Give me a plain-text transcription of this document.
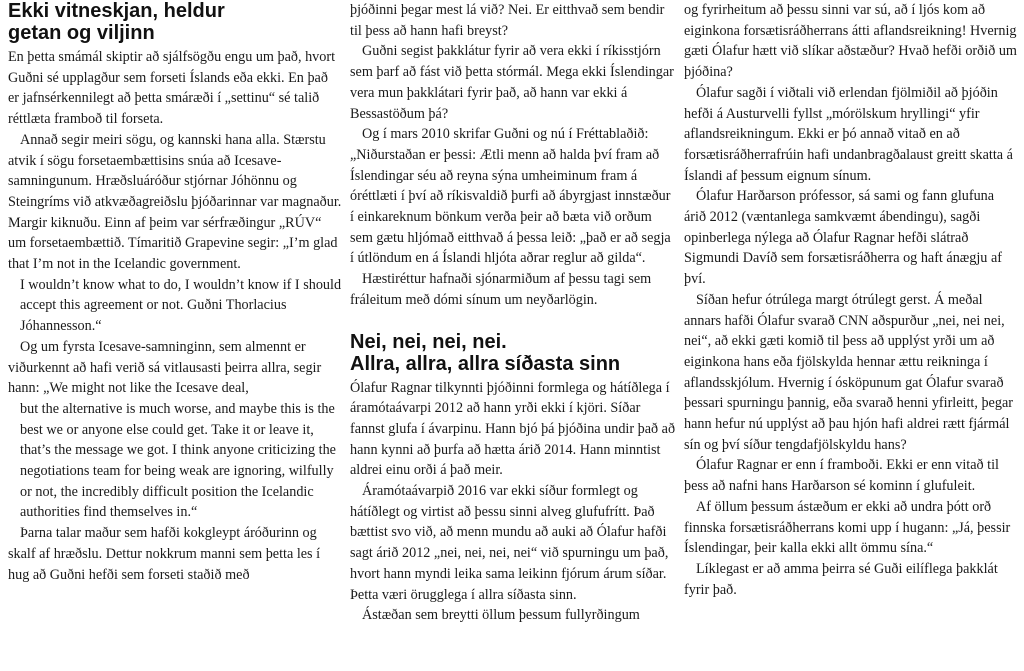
Ekki vitneskjan, heldur
getan og viljinn

En þetta smámál skiptir að sjálfsögðu engu um það, hvort Guðni sé upplagður sem forseti Íslands eða ekki. En það er jafnsérkennilegt að þetta smáræði í „settinu“ sé talið réttlæta framboð til forseta.

Annað segir meiri sögu, og kannski hana alla. Stærstu atvik í sögu forsetaembættisins snúa að Icesave-samningunum. Hræðsluáróður stjórnar Jóhönnu og Steingríms við atkvæðagreiðslu þjóðarinnar var magnaður. Margir kiknuðu. Einn af þeim var sérfræðingur „RÚV“ um forsetaembættið. Tímaritið Grapevine segir: „I’m glad that I’m not in the Icelandic government.

I wouldn’t know what to do, I wouldn’t know if I should accept this agreement or not. Guðni Thorlacius Jóhannesson.“

Og um fyrsta Icesave-samninginn, sem almennt er viðurkennt að hafi verið sá vitlausasti þeirra allra, segir hann: „We might not like the Icesave deal,

but the alternative is much worse, and maybe this is the best we or anyone else could get. Take it or leave it, that’s the message we got. I think anyone criticizing the negotiations team for being weak are ignoring, wilfully or not, the incredibly difficult position the Icelandic authorities find themselves in.“

Þarna talar maður sem hafði kokgleypt áróðurinn og skalf af hræðslu. Dettur nokkrum manni sem þetta les í hug að Guðni hefði sem forseti staðið með

þjóðinni þegar mest lá við? Nei. Er eitthvað sem bendir til þess að hann hafi breyst?

Guðni segist þakklátur fyrir að vera ekki í ríkisstjórn sem þarf að fást við þetta stórmál. Mega ekki Íslendingar vera mun þakklátari fyrir það, að hann var ekki á Bessastöðum þá?

Og í mars 2010 skrifar Guðni og nú í Fréttablaðið: „Niðurstaðan er þessi: Ætli menn að halda því fram að Íslendingar séu að reyna sýna umheiminum fram á óréttlæti í því að ríkisvaldið þurfi að ábyrgjast innstæður í einkareknum bönkum verða þeir að bæta við orðum sem gætu hljómað eitthvað á þessa leið: „það er að segja í útlöndum en á Íslandi hljóta aðrar reglur að gilda“.

Hæstiréttur hafnaði sjónarmiðum af þessu tagi sem fráleitum með dómi sínum um neyðarlögin.

Nei, nei, nei, nei.
Allra, allra, allra síðasta sinn

Ólafur Ragnar tilkynnti þjóðinni formlega og hátíðlega í áramótaávarpi 2012 að hann yrði ekki í kjöri. Síðar fannst glufa í ávarpinu. Hann bjó þá þjóðina undir það að hann kynni að þurfa að hætta árið 2014. Hann minntist aldrei einu orði á það meir.

Áramótaávarpið 2016 var ekki síður formlegt og hátíðlegt og virtist að þessu sinni alveg glufufrítt. Það bættist svo við, að menn mundu að auki að Ólafur hafði sagt árið 2012 „nei, nei, nei, nei“ við spurningu um það, hvort hann myndi leika sama leikinn fjórum árum síðar. Þetta væri örugglega í allra síðasta sinn.

Ástæðan sem breytti öllum þessum fullyrðingum

og fyrirheitum að þessu sinni var sú, að í ljós kom að eiginkona forsætisráðherrans átti aflandsreikning! Hvernig gæti Ólafur hætt við slíkar aðstæður? Hvað hefði orðið um þjóðina?

Ólafur sagði í viðtali við erlendan fjölmiðil að þjóðin hefði á Austurvelli fyllst „mórölskum hryllingi“ yfir aflandsreikningum. Ekki er þó annað vitað en að forsætisráðherrafrúin hafi undanbragðalaust greitt skatta á Íslandi af þessum eignum sínum.

Ólafur Harðarson prófessor, sá sami og fann glufuna árið 2012 (væntanlega samkvæmt ábendingu), sagði opinberlega nýlega að Ólafur Ragnar hefði slátrað Sigmundi Davíð sem forsætisráðherra og haft ánægju af því.

Síðan hefur ótrúlega margt ótrúlegt gerst. Á meðal annars hafði Ólafur svarað CNN aðspurður „nei, nei nei, nei“, að ekki gæti komið til þess að upplýst yrði um að eiginkona hans eða fjölskylda hennar ættu reikninga í aflandsskjólum. Hvernig í ósköpunum gat Ólafur svarað þessari spurningu þannig, eða svarað henni yfirleitt, þegar hann hefur nú upplýst að þau hjón hafi aldrei rætt fjármál sín og því síður tengdafjölskyldu hans?

Ólafur Ragnar er enn í framboði. Ekki er enn vitað til þess að nafni hans Harðarson sé kominn í glufuleit.

Af öllum þessum ástæðum er ekki að undra þótt orð finnska forsætisráðherrans komi upp í hugann: „Já, þessir Íslendingar, þeir kalla ekki allt ömmu sína.“

Líklegast er að amma þeirra sé Guði eilíflega þakklát fyrir það.
